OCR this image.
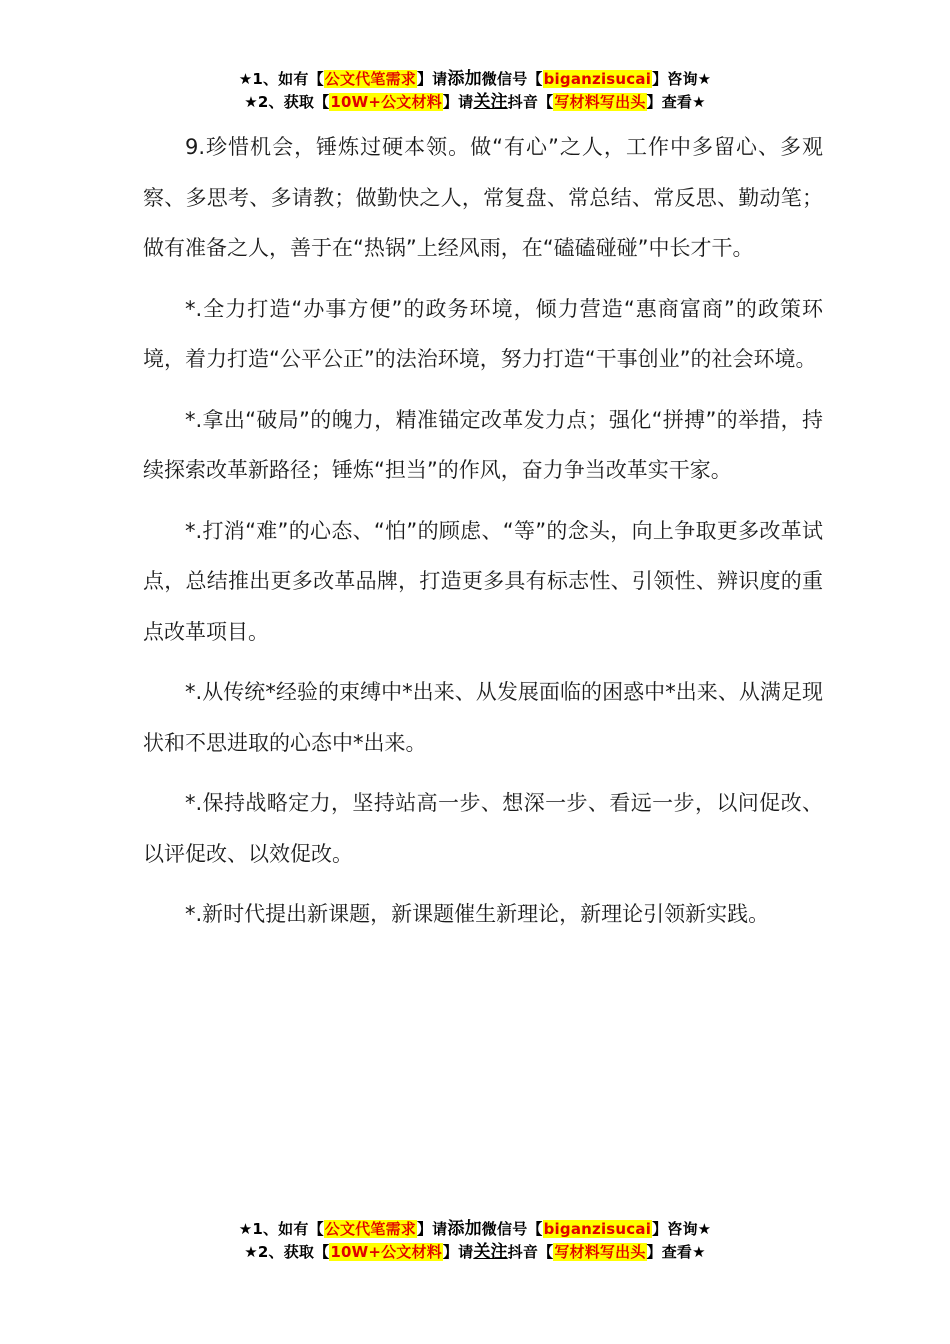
★1、如有【公文代笔需求】请添加微信号【biganzisucai】咨询★
★2、获取【10W+公文材料】请关注抖音【写材料写出头】查看★

9.珍惜机会，锤炼过硬本领。做“有心”之人，工作中多留心、多观察、多思考、多请教；做勤快之人，常复盘、常总结、常反思、勤动笔；做有准备之人，善于在“热锅”上经风雨，在“磕磕碰碰”中长才干。

*.全力打造“办事方便”的政务环境，倾力营造“惠商富商”的政策环境，着力打造“公平公正”的法治环境，努力打造“干事创业”的社会环境。

*.拿出“破局”的魄力，精准锚定改革发力点；强化“拼搏”的举措，持续探索改革新路径；锤炼“担当”的作风，奋力争当改革实干家。

*.打消“难”的心态、“怕”的顾虑、“等”的念头，向上争取更多改革试点，总结推出更多改革品牌，打造更多具有标志性、引领性、辨识度的重点改革项目。

*.从传统*经验的束缚中*出来、从发展面临的困惑中*出来、从满足现状和不思进取的心态中*出来。

*.保持战略定力，坚持站高一步、想深一步、看远一步，以问促改、以评促改、以效促改。

*.新时代提出新课题，新课题催生新理论，新理论引领新实践。

★1、如有【公文代笔需求】请添加微信号【biganzisucai】咨询★
★2、获取【10W+公文材料】请关注抖音【写材料写出头】查看★
